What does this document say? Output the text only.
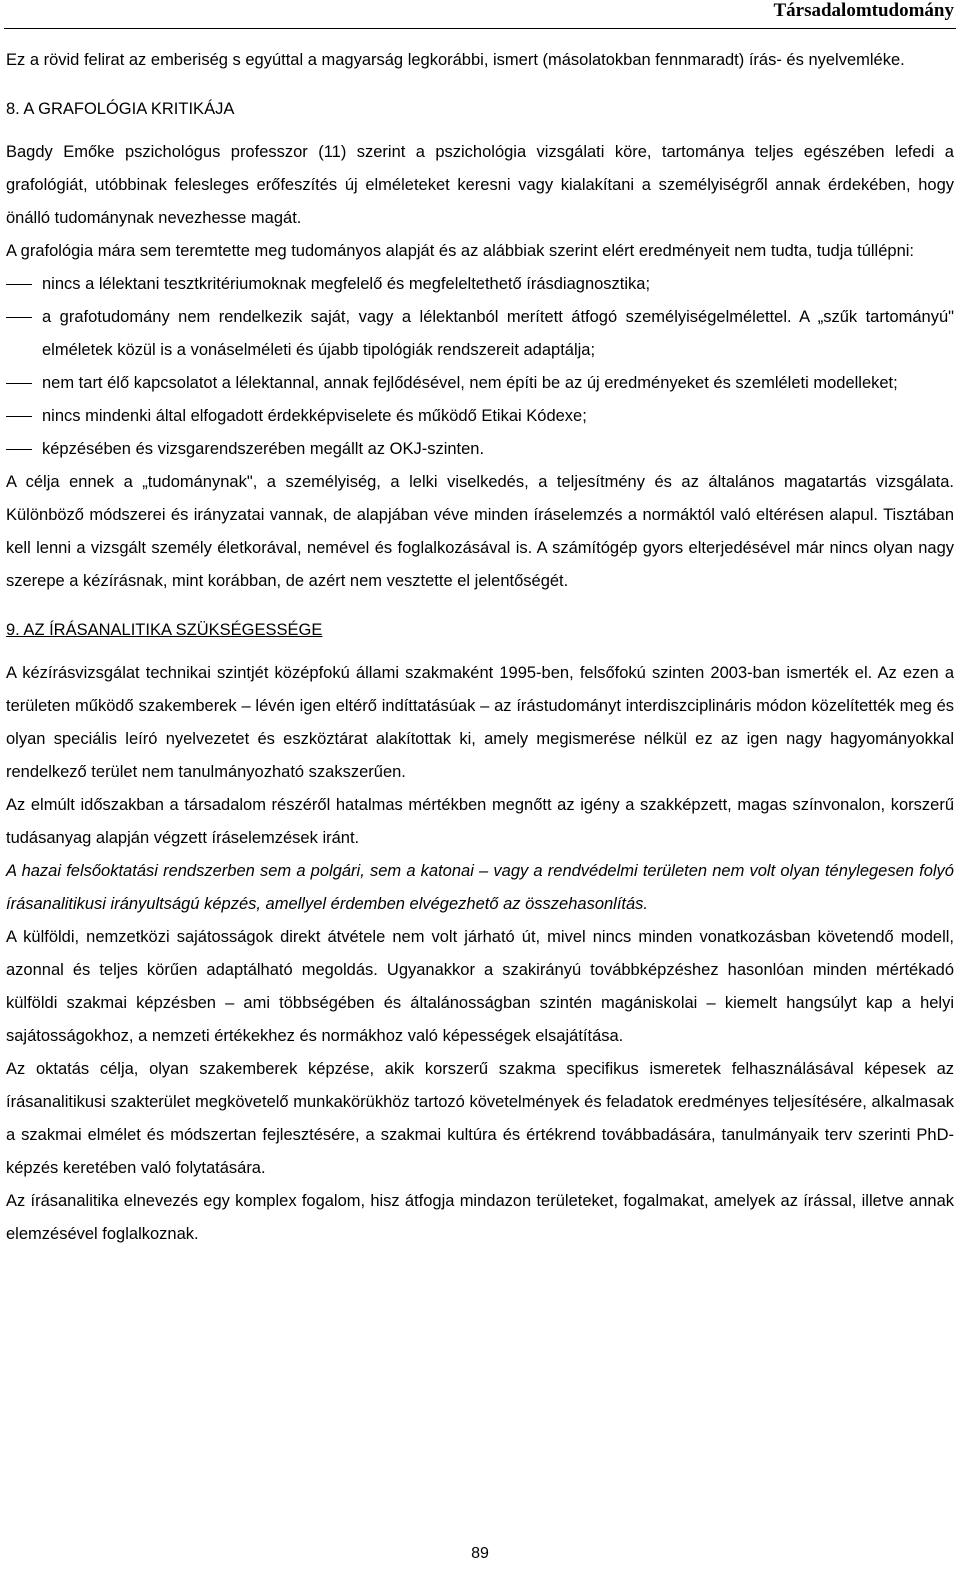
Társadalomtudomány

Ez a rövid felirat az emberiség s egyúttal a magyarság legkorábbi, ismert (másolatokban fennmaradt) írás- és nyelvemléke.

8. A GRAFOLÓGIA KRITIKÁJA

Bagdy Emőke pszichológus professzor (11) szerint a pszichológia vizsgálati köre, tartománya teljes egészében lefedi a grafológiát, utóbbinak felesleges erőfeszítés új elméleteket keresni vagy kialakítani a személyiségről annak érdekében, hogy önálló tudománynak nevezhesse magát.

A grafológia mára sem teremtette meg tudományos alapját és az alábbiak szerint elért eredményeit nem tudta, tudja túllépni:

nincs a lélektani tesztkritériumoknak megfelelő és megfeleltethető írásdiagnosztika;
a grafotudomány nem rendelkezik saját, vagy a lélektanból merített átfogó személyiségelmélettel. A „szűk tartományú" elméletek közül is a vonáselméleti és újabb tipológiák rendszereit adaptálja;
nem tart élő kapcsolatot a lélektannal, annak fejlődésével, nem építi be az új eredményeket és szemléleti modelleket;
nincs mindenki által elfogadott érdekképviselete és működő Etikai Kódexe;
képzésében és vizsgarendszerében megállt az OKJ-szinten.

A célja ennek a „tudománynak", a személyiség, a lelki viselkedés, a teljesítmény és az általános magatartás vizsgálata. Különböző módszerei és irányzatai vannak, de alapjában véve minden íráselemzés a normáktól való eltérésen alapul. Tisztában kell lenni a vizsgált személy életkorával, nemével és foglalkozásával is. A számítógép gyors elterjedésével már nincs olyan nagy szerepe a kézírásnak, mint korábban, de azért nem vesztette el jelentőségét.

9. AZ ÍRÁSANALITIKA SZÜKSÉGESSÉGE

A kézírásvizsgálat technikai szintjét középfokú állami szakmaként 1995-ben, felsőfokú szinten 2003-ban ismerték el. Az ezen a területen működő szakemberek – lévén igen eltérő indíttatásúak – az írástudományt interdiszciplináris módon közelítették meg és olyan speciális leíró nyelvezetet és eszköztárat alakítottak ki, amely megismerése nélkül ez az igen nagy hagyományokkal rendelkező terület nem tanulmányozható szakszerűen.

Az elmúlt időszakban a társadalom részéről hatalmas mértékben megnőtt az igény a szakképzett, magas színvonalon, korszerű tudásanyag alapján végzett íráselemzések iránt.

A hazai felsőoktatási rendszerben sem a polgári, sem a katonai – vagy a rendvédelmi területen nem volt olyan ténylegesen folyó írásanalitikusi irányultságú képzés, amellyel érdemben elvégezhető az összehasonlítás.

A külföldi, nemzetközi sajátosságok direkt átvétele nem volt járható út, mivel nincs minden vonatkozásban követendő modell, azonnal és teljes körűen adaptálható megoldás. Ugyanakkor a szakirányú továbbképzéshez hasonlóan minden mértékadó külföldi szakmai képzésben – ami többségében és általánosságban szintén magániskolai – kiemelt hangsúlyt kap a helyi sajátosságokhoz, a nemzeti értékekhez és normákhoz való képességek elsajátítása.

Az oktatás célja, olyan szakemberek képzése, akik korszerű szakma specifikus ismeretek felhasználásával képesek az írásanalitikusi szakterület megkövetelő munkakörükhöz tartozó követelmények és feladatok eredményes teljesítésére, alkalmasak a szakmai elmélet és módszertan fejlesztésére, a szakmai kultúra és értékrend továbbadására, tanulmányaik terv szerinti PhD-képzés keretében való folytatására.

Az írásanalitika elnevezés egy komplex fogalom, hisz átfogja mindazon területeket, fogalmakat, amelyek az írással, illetve annak elemzésével foglalkoznak.

89
